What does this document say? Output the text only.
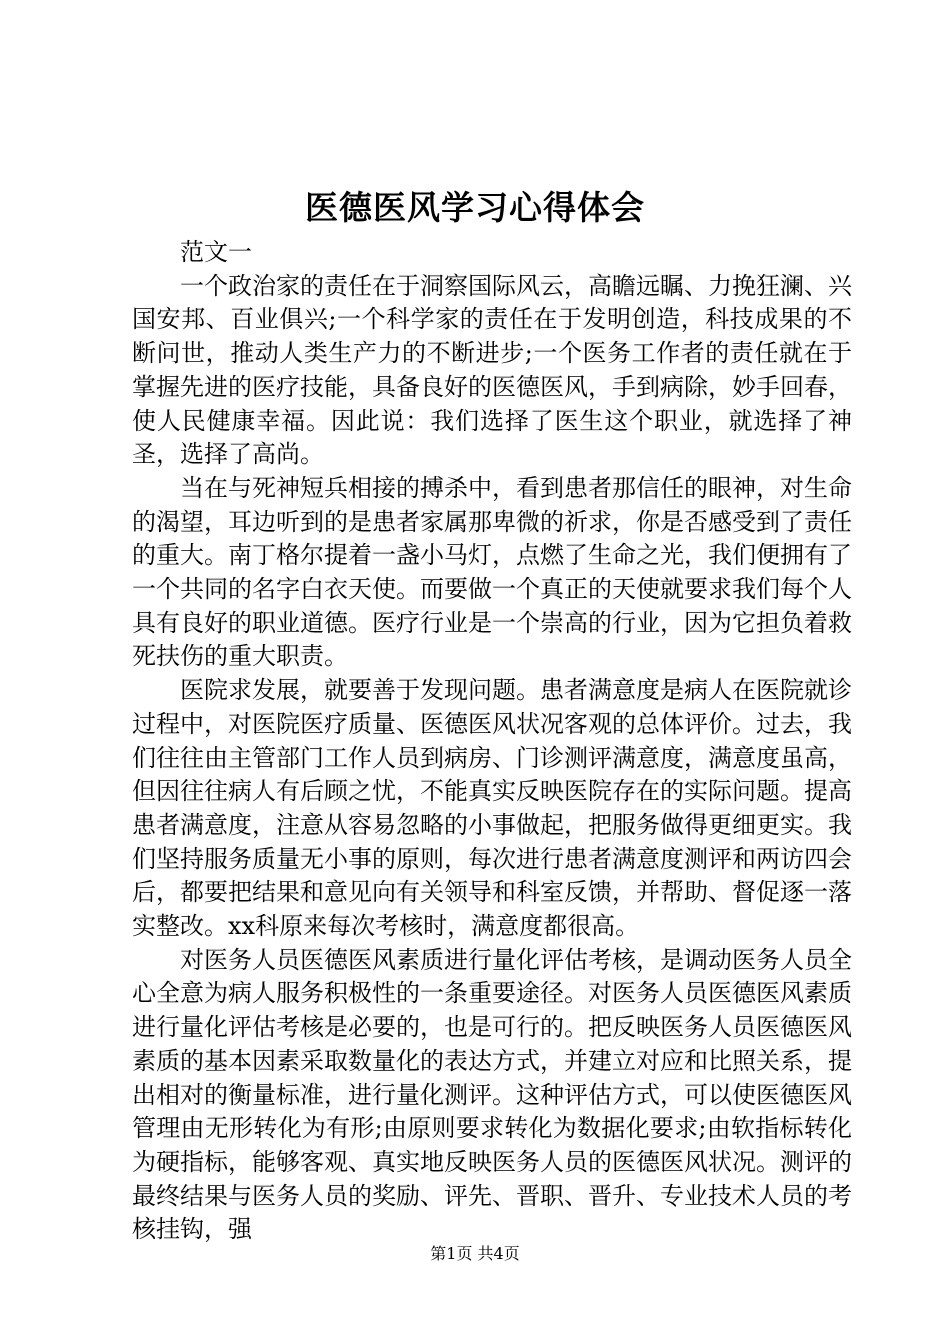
医德医风学习心得体会

范文一

一个政治家的责任在于洞察国际风云，高瞻远瞩、力挽狂澜、兴国安邦、百业俱兴;一个科学家的责任在于发明创造，科技成果的不断问世，推动人类生产力的不断进步;一个医务工作者的责任就在于掌握先进的医疗技能，具备良好的医德医风，手到病除，妙手回春，使人民健康幸福。因此说：我们选择了医生这个职业，就选择了神圣，选择了高尚。

当在与死神短兵相接的搏杀中，看到患者那信任的眼神，对生命的渴望，耳边听到的是患者家属那卑微的祈求，你是否感受到了责任的重大。南丁格尔提着一盏小马灯，点燃了生命之光，我们便拥有了一个共同的名字白衣天使。而要做一个真正的天使就要求我们每个人具有良好的职业道德。医疗行业是一个崇高的行业，因为它担负着救死扶伤的重大职责。

医院求发展，就要善于发现问题。患者满意度是病人在医院就诊过程中，对医院医疗质量、医德医风状况客观的总体评价。过去，我们往往由主管部门工作人员到病房、门诊测评满意度，满意度虽高，但因往往病人有后顾之忧，不能真实反映医院存在的实际问题。提高患者满意度，注意从容易忽略的小事做起，把服务做得更细更实。我们坚持服务质量无小事的原则，每次进行患者满意度测评和两访四会后，都要把结果和意见向有关领导和科室反馈，并帮助、督促逐一落实整改。xx科原来每次考核时，满意度都很高。

对医务人员医德医风素质进行量化评估考核，是调动医务人员全心全意为病人服务积极性的一条重要途径。对医务人员医德医风素质进行量化评估考核是必要的，也是可行的。把反映医务人员医德医风素质的基本因素采取数量化的表达方式，并建立对应和比照关系，提出相对的衡量标准，进行量化测评。这种评估方式，可以使医德医风管理由无形转化为有形;由原则要求转化为数据化要求;由软指标转化为硬指标，能够客观、真实地反映医务人员的医德医风状况。测评的最终结果与医务人员的奖励、评先、晋职、晋升、专业技术人员的考核挂钩，强

第1页 共4页
